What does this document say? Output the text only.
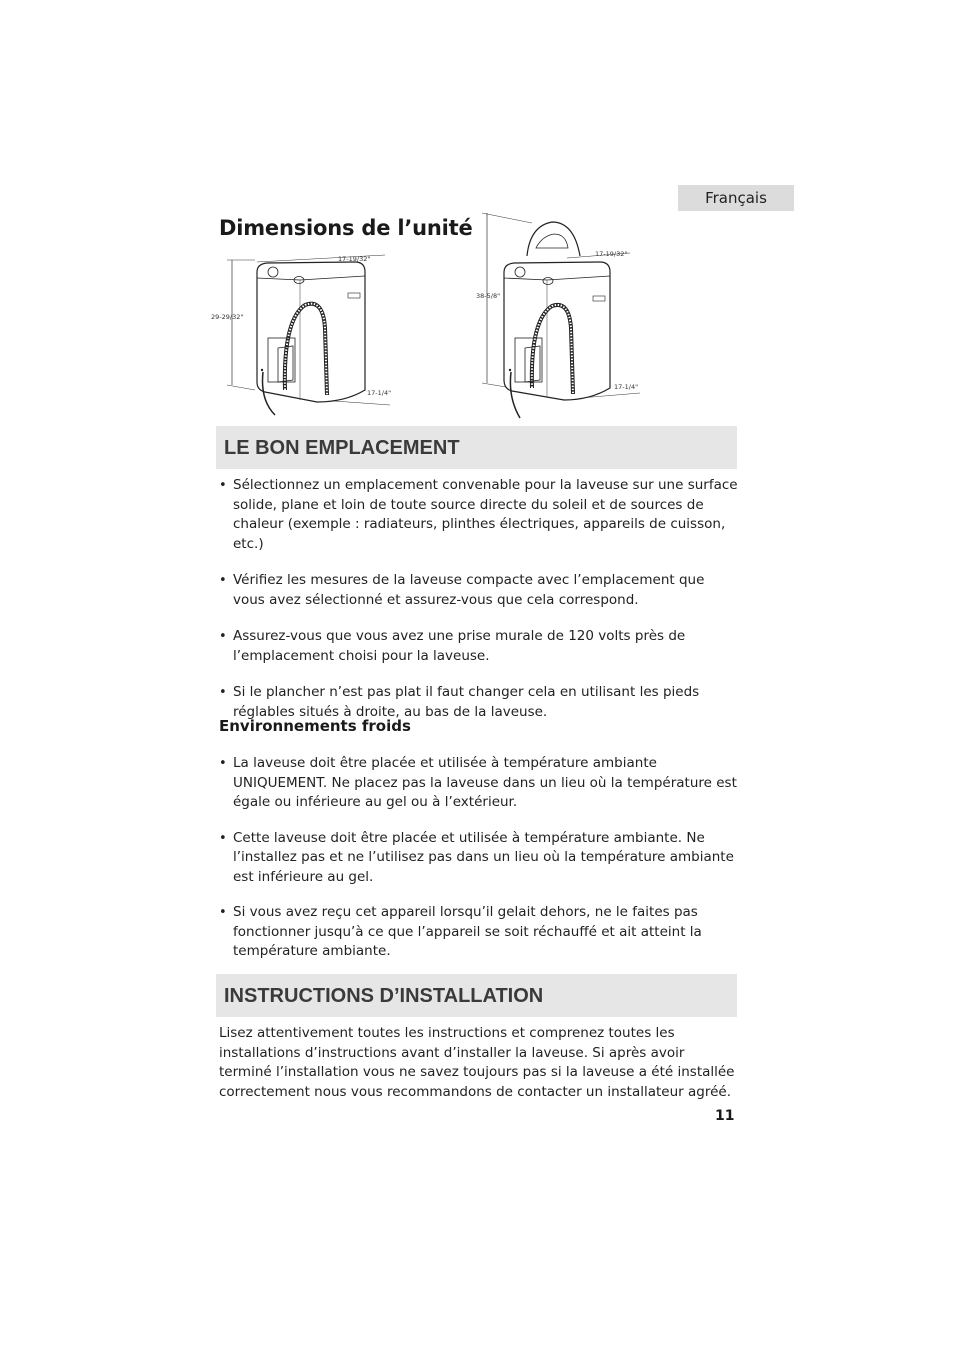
Français
Dimensions de l’unité
17-19/32"
29-29/32"
17-1/4"
17-19/32"
38-5/8"
17-1/4"
LE BON EMPLACEMENT
• Sélectionnez un emplacement convenable pour la laveuse sur une surface solide, plane et loin de toute source directe du soleil et de sources de chaleur (exemple : radiateurs, plinthes électriques, appareils de cuisson, etc.)
• Vérifiez les mesures de la laveuse compacte avec l’emplacement que vous avez sélectionné et assurez-vous que cela correspond.
• Assurez-vous que vous avez une prise murale de 120 volts près de l’emplacement choisi pour la laveuse.
• Si le plancher n’est pas plat il faut changer cela en utilisant les pieds réglables situés à droite, au bas de la laveuse.
Environnements froids
• La laveuse doit être placée et utilisée à température ambiante UNIQUEMENT. Ne placez pas la laveuse dans un lieu où la température est égale ou inférieure au gel ou à l’extérieur.
• Cette laveuse doit être placée et utilisée à température ambiante. Ne l’installez pas et ne l’utilisez pas dans un lieu où la température ambiante est inférieure au gel.
• Si vous avez reçu cet appareil lorsqu’il gelait dehors, ne le faites pas fonctionner jusqu’à ce que l’appareil se soit réchauffé et ait atteint la température ambiante.
INSTRUCTIONS D’INSTALLATION

Lisez attentivement toutes les instructions et comprenez toutes les installations d’instructions avant d’installer la laveuse. Si après avoir terminé l’installation vous ne savez toujours pas si la laveuse a été installée correctement nous vous recommandons de contacter un installateur agréé.

11
